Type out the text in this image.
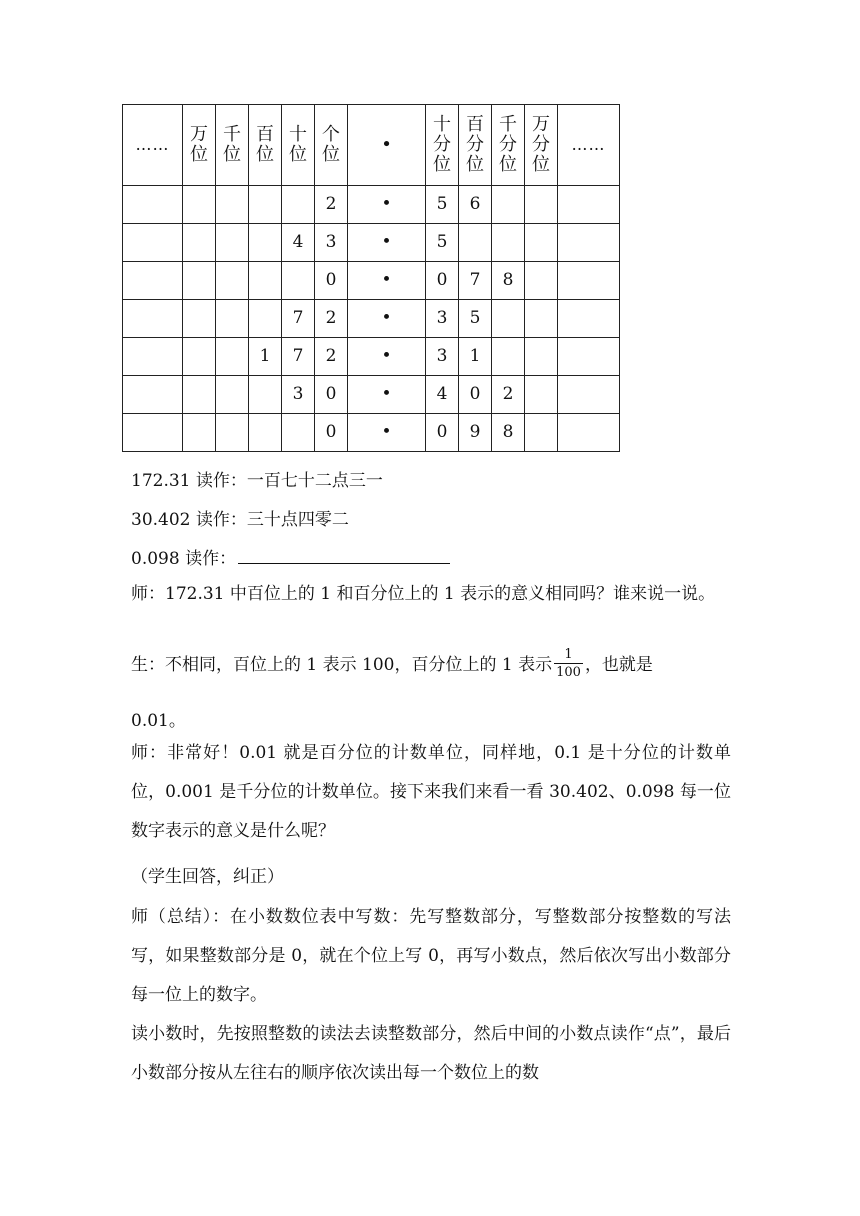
……	万位	千位	百位	十位	个位	•	十分位	百分位	千分位	万分位	……
					2	•	5	6			
				4	3	•	5				
					0	•	0	7	8		
				7	2	•	3	5			
			1	7	2	•	3	1			
				3	0	•	4	0	2		
					0	•	0	9	8		
172.31 读作：一百七十二点三一
30.402 读作：三十点四零二
0.098 读作：
师：172.31 中百位上的 1 和百分位上的 1 表示的意义相同吗？谁来说一说。
生：不相同，百位上的 1 表示 100，百分位上的 1 表示 $\frac{1}{100}$ ，也就是
0.01。
师：非常好！0.01 就是百分位的计数单位，同样地，0.1 是十分位的计数单位，0.001 是千分位的计数单位。接下来我们来看一看 30.402、0.098 每一位数字表示的意义是什么呢？
（学生回答，纠正）
师（总结）：在小数数位表中写数：先写整数部分，写整数部分按整数的写法写，如果整数部分是 0，就在个位上写 0，再写小数点，然后依次写出小数部分每一位上的数字。
读小数时，先按照整数的读法去读整数部分，然后中间的小数点读作“点”，最后小数部分按从左往右的顺序依次读出每一个数位上的数
